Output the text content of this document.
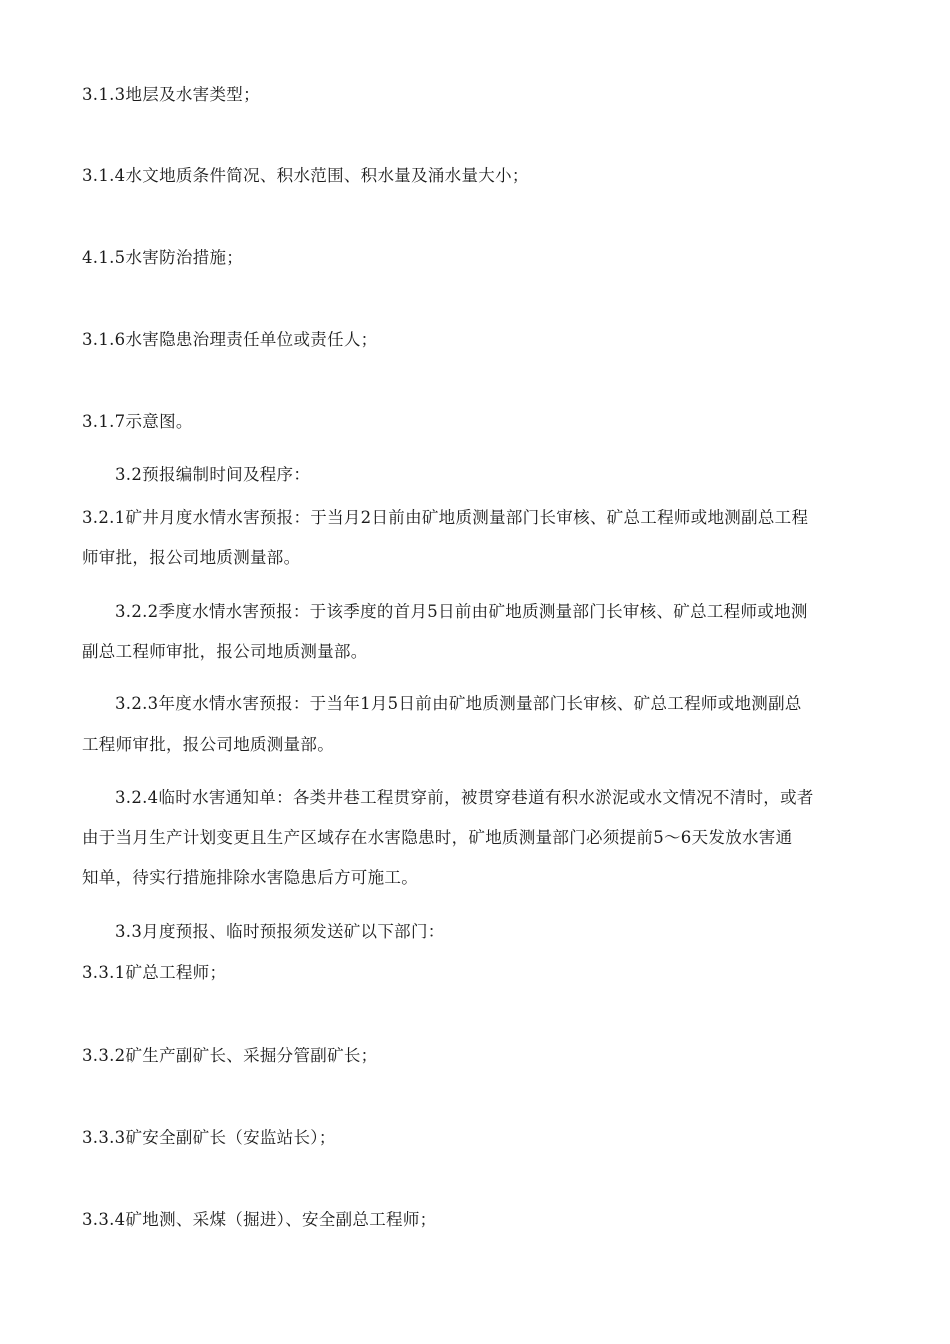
3.1.3地层及水害类型；
3.1.4水文地质条件简况、积水范围、积水量及涌水量大小；
4.1.5水害防治措施；
3.1.6水害隐患治理责任单位或责任人；
3.1.7示意图。
3.2预报编制时间及程序：
3.2.1矿井月度水情水害预报：于当月2日前由矿地质测量部门长审核、矿总工程师或地测副总工程
师审批，报公司地质测量部。
3.2.2季度水情水害预报：于该季度的首月5日前由矿地质测量部门长审核、矿总工程师或地测
副总工程师审批，报公司地质测量部。
3.2.3年度水情水害预报：于当年1月5日前由矿地质测量部门长审核、矿总工程师或地测副总
工程师审批，报公司地质测量部。
3.2.4临时水害通知单：各类井巷工程贯穿前，被贯穿巷道有积水淤泥或水文情况不清时，或者
由于当月生产计划变更且生产区域存在水害隐患时，矿地质测量部门必须提前5～6天发放水害通
知单，待实行措施排除水害隐患后方可施工。
3.3月度预报、临时预报须发送矿以下部门：
3.3.1矿总工程师；
3.3.2矿生产副矿长、采掘分管副矿长；
3.3.3矿安全副矿长（安监站长）；
3.3.4矿地测、采煤（掘进）、安全副总工程师；
